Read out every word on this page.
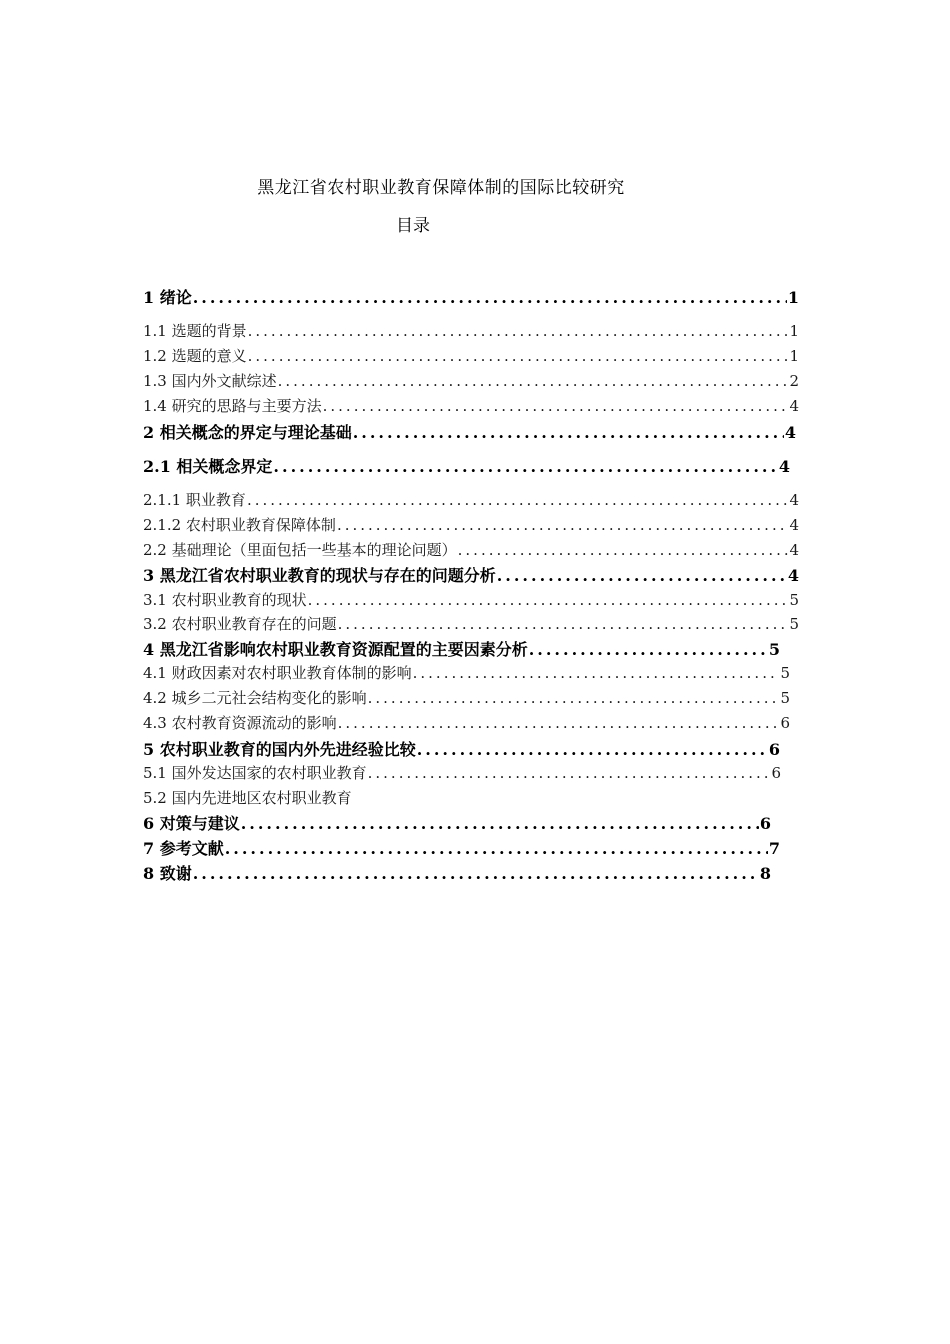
黑龙江省农村职业教育保障体制的国际比较研究
目录
1 绪论 .....	1
1.1 选题的背景 .....	1
1.2 选题的意义 .....	1
1.3 国内外文献综述 .....	2
1.4 研究的思路与主要方法 .....	4
2 相关概念的界定与理论基础 .....	4
2.1 相关概念界定 .....	4
2.1.1 职业教育 .....	4
2.1.2 农村职业教育保障体制 .....	4
2.2 基础理论（里面包括一些基本的理论问题） .....	4
3 黑龙江省农村职业教育的现状与存在的问题分析 .....	4
3.1 农村职业教育的现状 .....	5
3.2 农村职业教育存在的问题 .....	5
4 黑龙江省影响农村职业教育资源配置的主要因素分析 .....	5
4.1 财政因素对农村职业教育体制的影响 .....	5
4.2 城乡二元社会结构变化的影响 .....	5
4.3 农村教育资源流动的影响 .....	6
5 农村职业教育的国内外先进经验比较 .....	6
5.1 国外发达国家的农村职业教育 .....	6
5.2 国内先进地区农村职业教育
6 对策与建议 .....	6
7 参考文献 .....	7
8 致谢 .....	8
